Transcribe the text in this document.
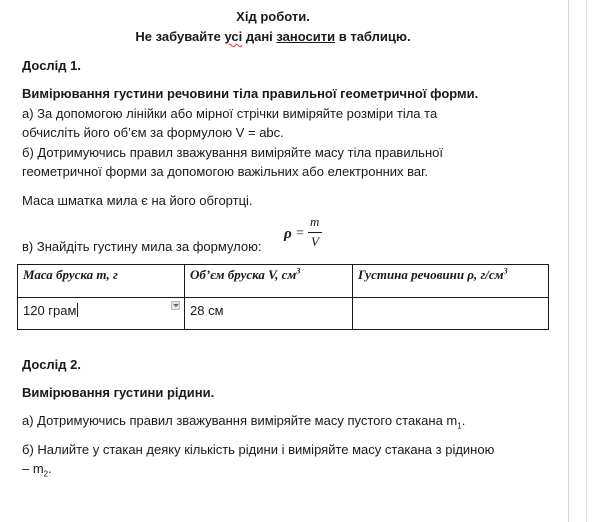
Хід роботи.
Не забувайте усі дані заносити в таблицю.
Дослід 1.
Вимірювання густини речовини тіла правильної геометричної форми.
а) За допомогою лінійки або мірної стрічки виміряйте розміри тіла та
обчисліть його об’єм за формулою V = abc.
б) Дотримуючись правил зважування виміряйте масу тіла правильної
геометричної форми за допомогою важільних або електронних ваг.
Маса шматка мила є на його обгортці.
в) Знайдіть густину мила за формулою:
ρ =
m
V
Маса бруска m, г	Об’єм бруска V, $см^3$	Густина речовини ρ, $г/см^3$

120 грам	28 см	
Дослід 2.
Вимірювання густини рідини.
а) Дотримуючись правил зважування виміряйте масу пустого стакана $m_1$.
б) Налийте у стакан деяку кількість рідини і виміряйте масу стакана з рідиною
– $m_2$.
